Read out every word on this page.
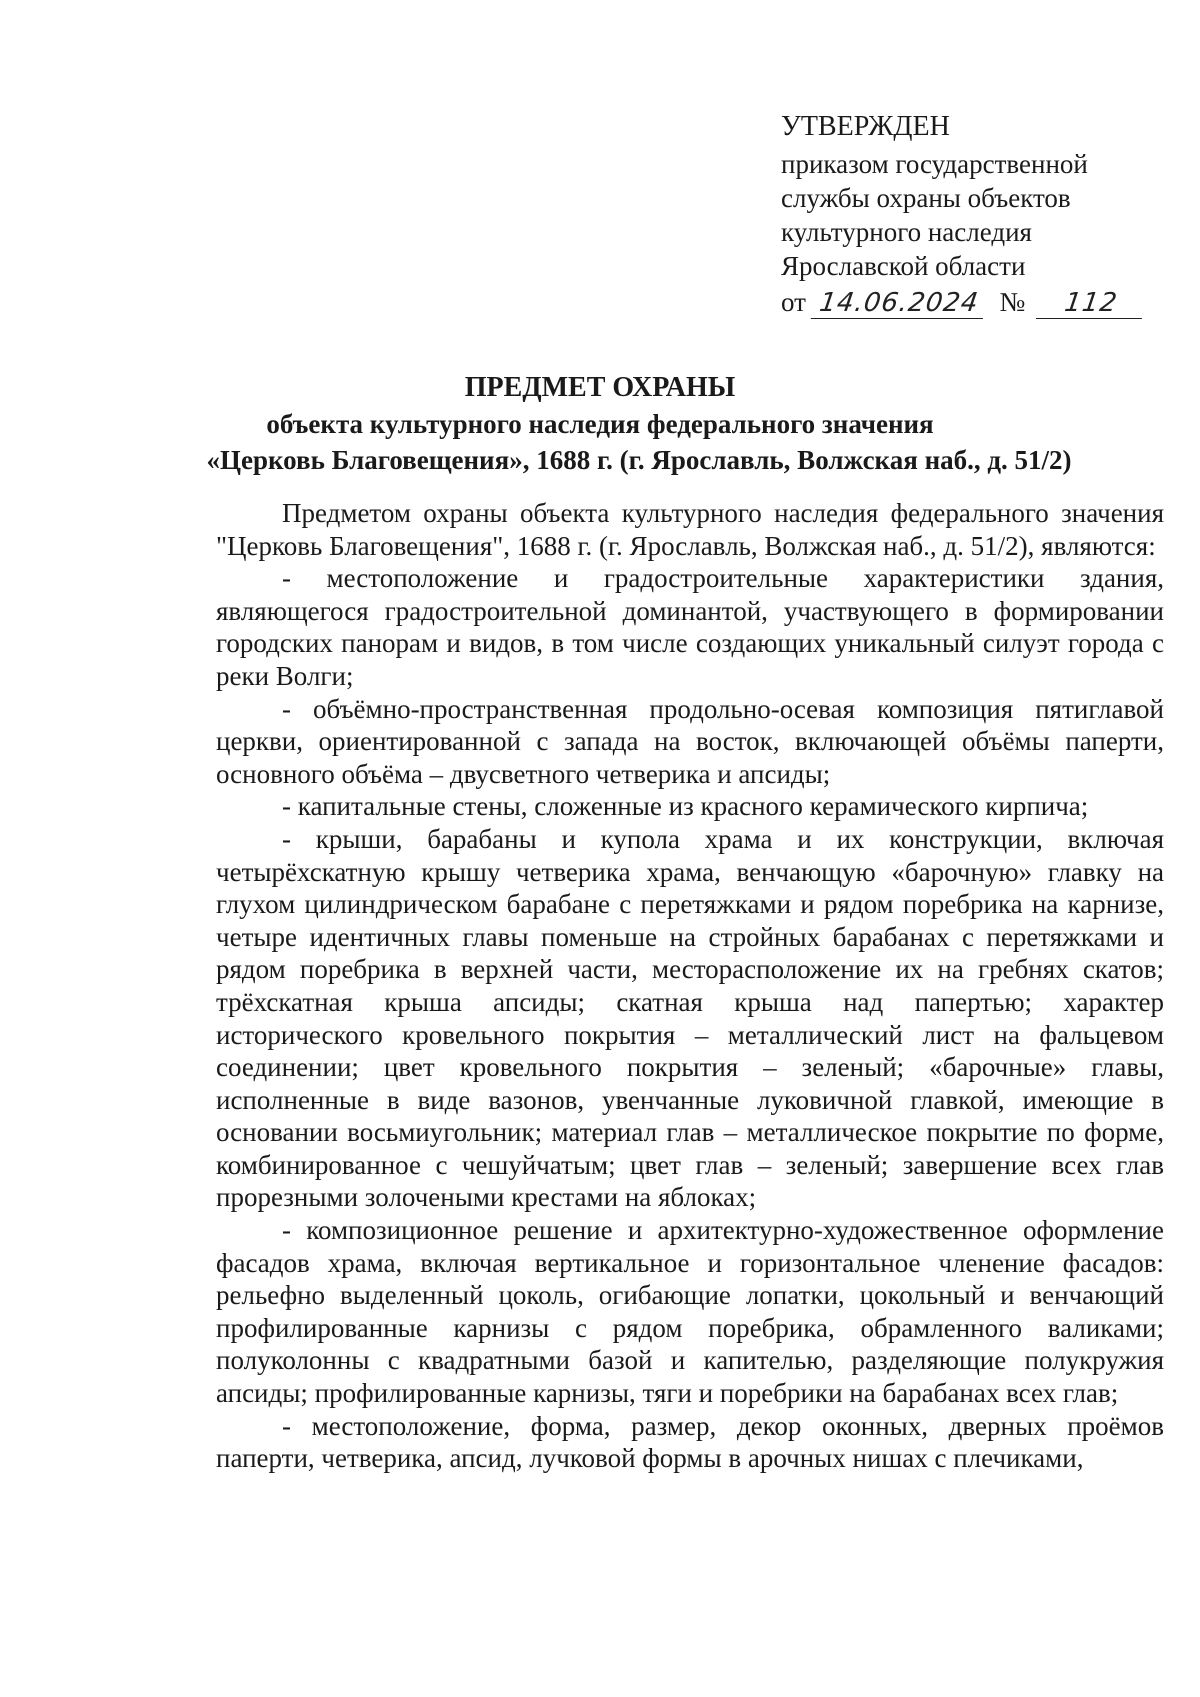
УТВЕРЖДЕН
приказом государственной
службы охраны объектов
культурного наследия
Ярославской области
от 14.06.2024 № 112
ПРЕДМЕТ ОХРАНЫ
объекта культурного наследия федерального значения
«Церковь Благовещения», 1688 г. (г. Ярославль, Волжская наб., д. 51/2)

Предметом охраны объекта культурного наследия федерального значения "Церковь Благовещения", 1688 г. (г. Ярославль, Волжская наб., д. 51/2), являются:

- местоположение и градостроительные характеристики здания, являющегося градостроительной доминантой, участвующего в формировании городских панорам и видов, в том числе создающих уникальный силуэт города с реки Волги;

- объёмно-пространственная продольно-осевая композиция пятиглавой церкви, ориентированной с запада на восток, включающей объёмы паперти, основного объёма – двусветного четверика и апсиды;

- капитальные стены, сложенные из красного керамического кирпича;

- крыши, барабаны и купола храма и их конструкции, включая четырёхскатную крышу четверика храма, венчающую «барочную» главку на глухом цилиндрическом барабане с перетяжками и рядом поребрика на карнизе, четыре идентичных главы поменьше на стройных барабанах с перетяжками и рядом поребрика в верхней части, месторасположение их на гребнях скатов; трёхскатная крыша апсиды; скатная крыша над папертью; характер исторического кровельного покрытия – металлический лист на фальцевом соединении; цвет кровельного покрытия – зеленый; «барочные» главы, исполненные в виде вазонов, увенчанные луковичной главкой, имеющие в основании восьмиугольник; материал глав – металлическое покрытие по форме, комбинированное с чешуйчатым; цвет глав – зеленый; завершение всех глав прорезными золочеными крестами на яблоках;

- композиционное решение и архитектурно-художественное оформление фасадов храма, включая вертикальное и горизонтальное членение фасадов: рельефно выделенный цоколь, огибающие лопатки, цокольный и венчающий профилированные карнизы с рядом поребрика, обрамленного валиками; полуколонны с квадратными базой и капителью, разделяющие полукружия апсиды; профилированные карнизы, тяги и поребрики на барабанах всех глав;

- местоположение, форма, размер, декор оконных, дверных проёмов паперти, четверика, апсид, лучковой формы в арочных нишах с плечиками,
